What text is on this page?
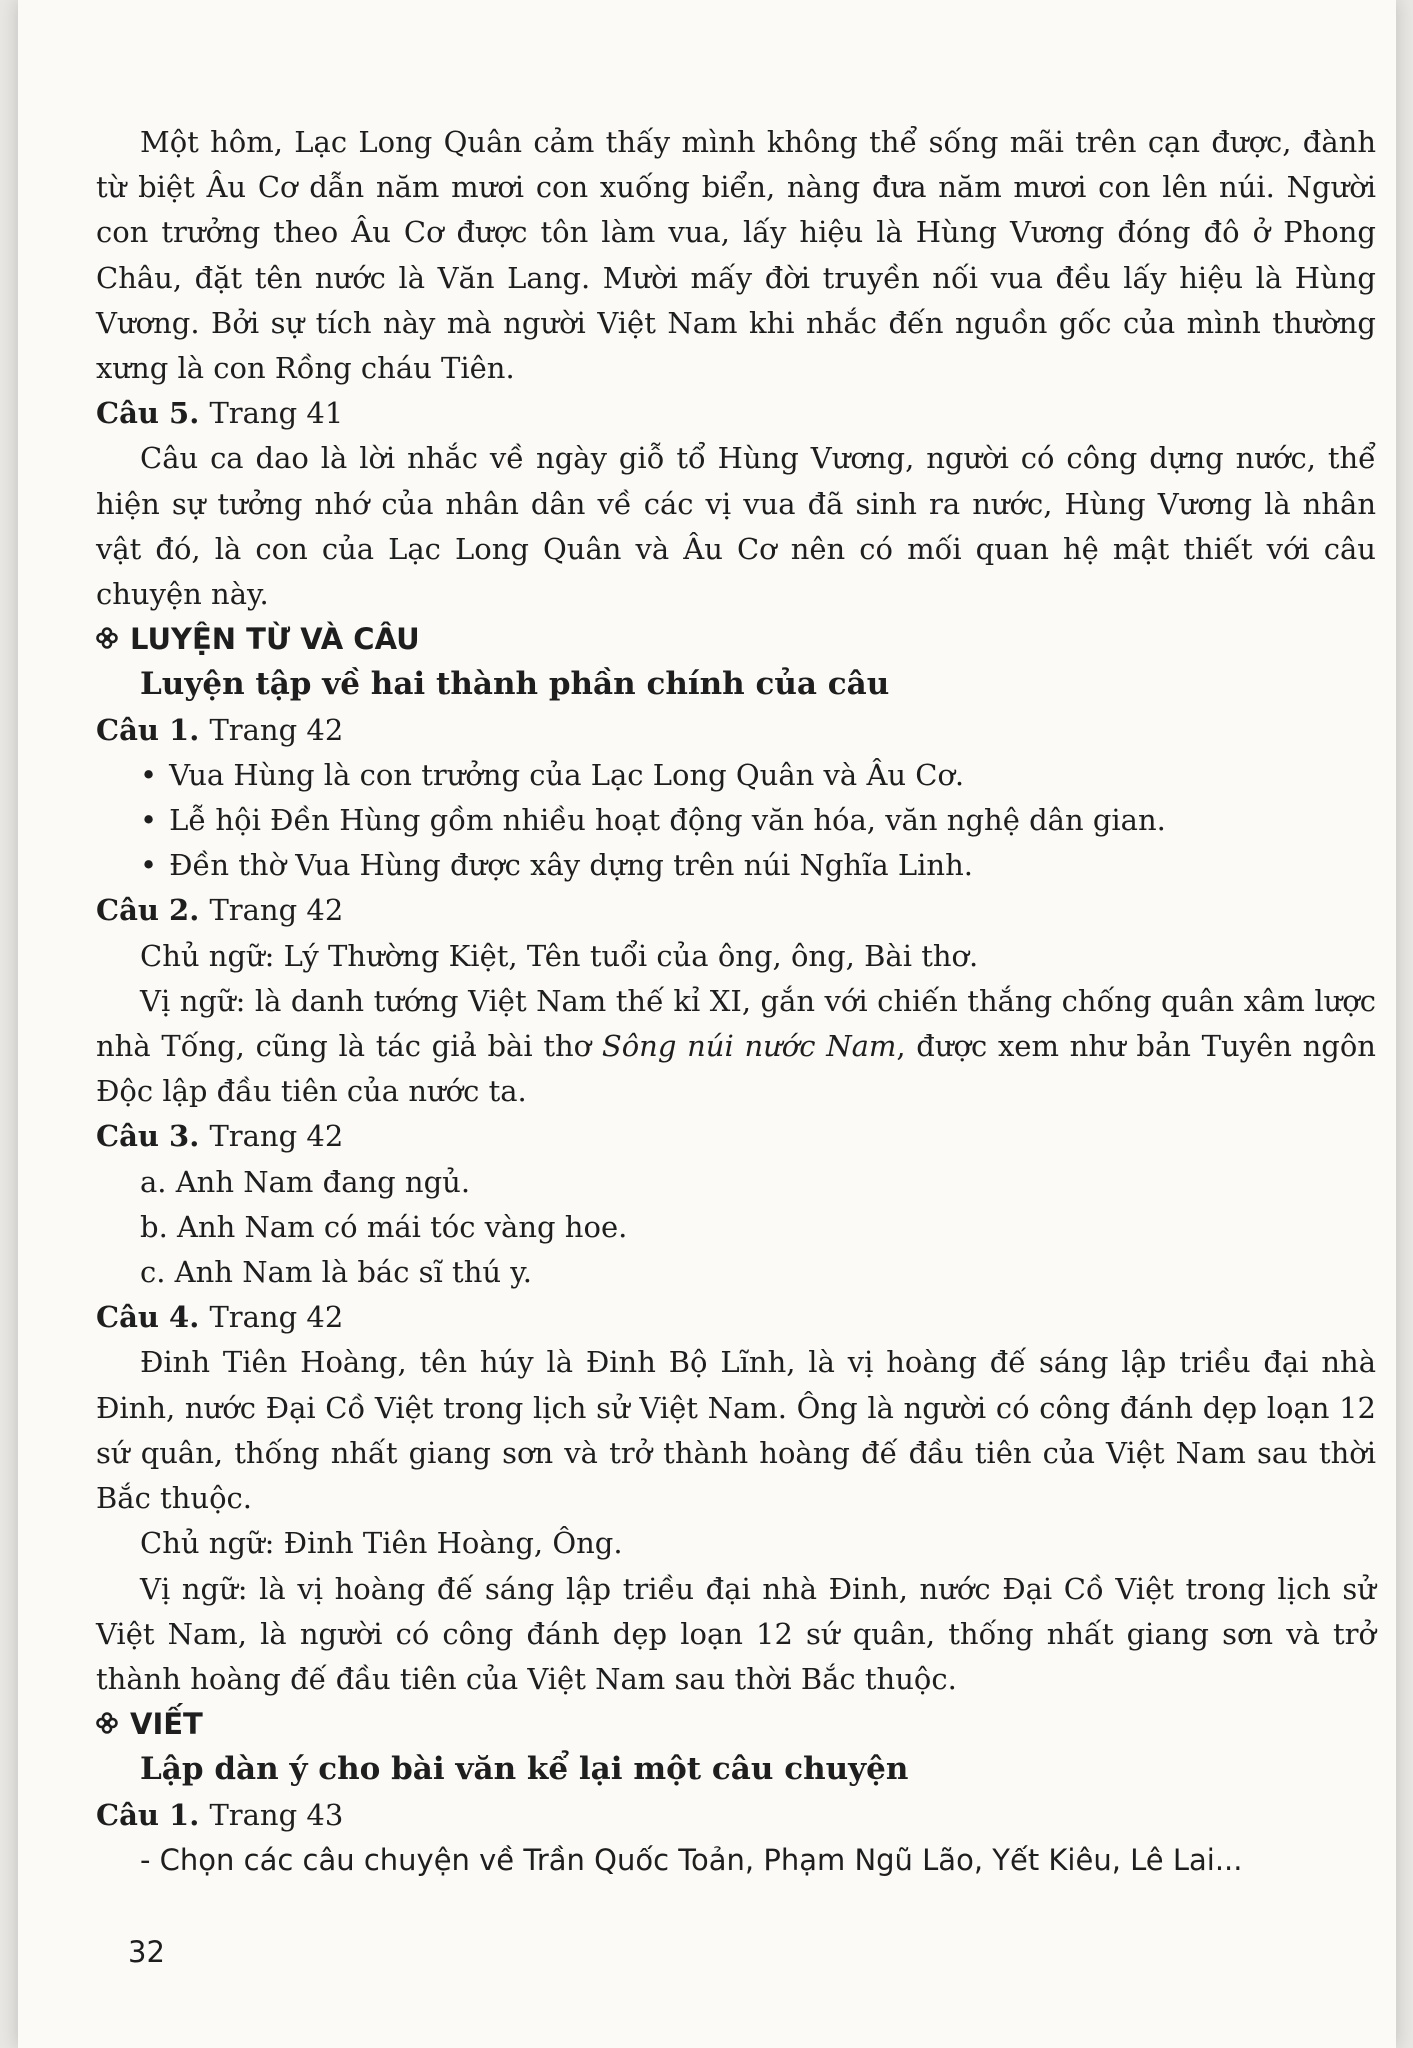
Một hôm, Lạc Long Quân cảm thấy mình không thể sống mãi trên cạn được, đành từ biệt Âu Cơ dẫn năm mươi con xuống biển, nàng đưa năm mươi con lên núi. Người con trưởng theo Âu Cơ được tôn làm vua, lấy hiệu là Hùng Vương đóng đô ở Phong Châu, đặt tên nước là Văn Lang. Mười mấy đời truyền nối vua đều lấy hiệu là Hùng Vương. Bởi sự tích này mà người Việt Nam khi nhắc đến nguồn gốc của mình thường xưng là con Rồng cháu Tiên.

Câu 5. Trang 41

Câu ca dao là lời nhắc về ngày giỗ tổ Hùng Vương, người có công dựng nước, thể hiện sự tưởng nhớ của nhân dân về các vị vua đã sinh ra nước, Hùng Vương là nhân vật đó, là con của Lạc Long Quân và Âu Cơ nên có mối quan hệ mật thiết với câu chuyện này.

LUYỆN TỪ VÀ CÂU

Luyện tập về hai thành phần chính của câu

Câu 1. Trang 42

• Vua Hùng là con trưởng của Lạc Long Quân và Âu Cơ.
• Lễ hội Đền Hùng gồm nhiều hoạt động văn hóa, văn nghệ dân gian.
• Đền thờ Vua Hùng được xây dựng trên núi Nghĩa Linh.

Câu 2. Trang 42

Chủ ngữ: Lý Thường Kiệt, Tên tuổi của ông, ông, Bài thơ.

Vị ngữ: là danh tướng Việt Nam thế kỉ XI, gắn với chiến thắng chống quân xâm lược nhà Tống, cũng là tác giả bài thơ Sông núi nước Nam, được xem như bản Tuyên ngôn Độc lập đầu tiên của nước ta.

Câu 3. Trang 42

a. Anh Nam đang ngủ.

b. Anh Nam có mái tóc vàng hoe.

c. Anh Nam là bác sĩ thú y.

Câu 4. Trang 42

Đinh Tiên Hoàng, tên húy là Đinh Bộ Lĩnh, là vị hoàng đế sáng lập triều đại nhà Đinh, nước Đại Cồ Việt trong lịch sử Việt Nam. Ông là người có công đánh dẹp loạn 12 sứ quân, thống nhất giang sơn và trở thành hoàng đế đầu tiên của Việt Nam sau thời Bắc thuộc.

Chủ ngữ: Đinh Tiên Hoàng, Ông.

Vị ngữ: là vị hoàng đế sáng lập triều đại nhà Đinh, nước Đại Cồ Việt trong lịch sử Việt Nam, là người có công đánh dẹp loạn 12 sứ quân, thống nhất giang sơn và trở thành hoàng đế đầu tiên của Việt Nam sau thời Bắc thuộc.

VIẾT

Lập dàn ý cho bài văn kể lại một câu chuyện

Câu 1. Trang 43

- Chọn các câu chuyện về Trần Quốc Toản, Phạm Ngũ Lão, Yết Kiêu, Lê Lai...

32
